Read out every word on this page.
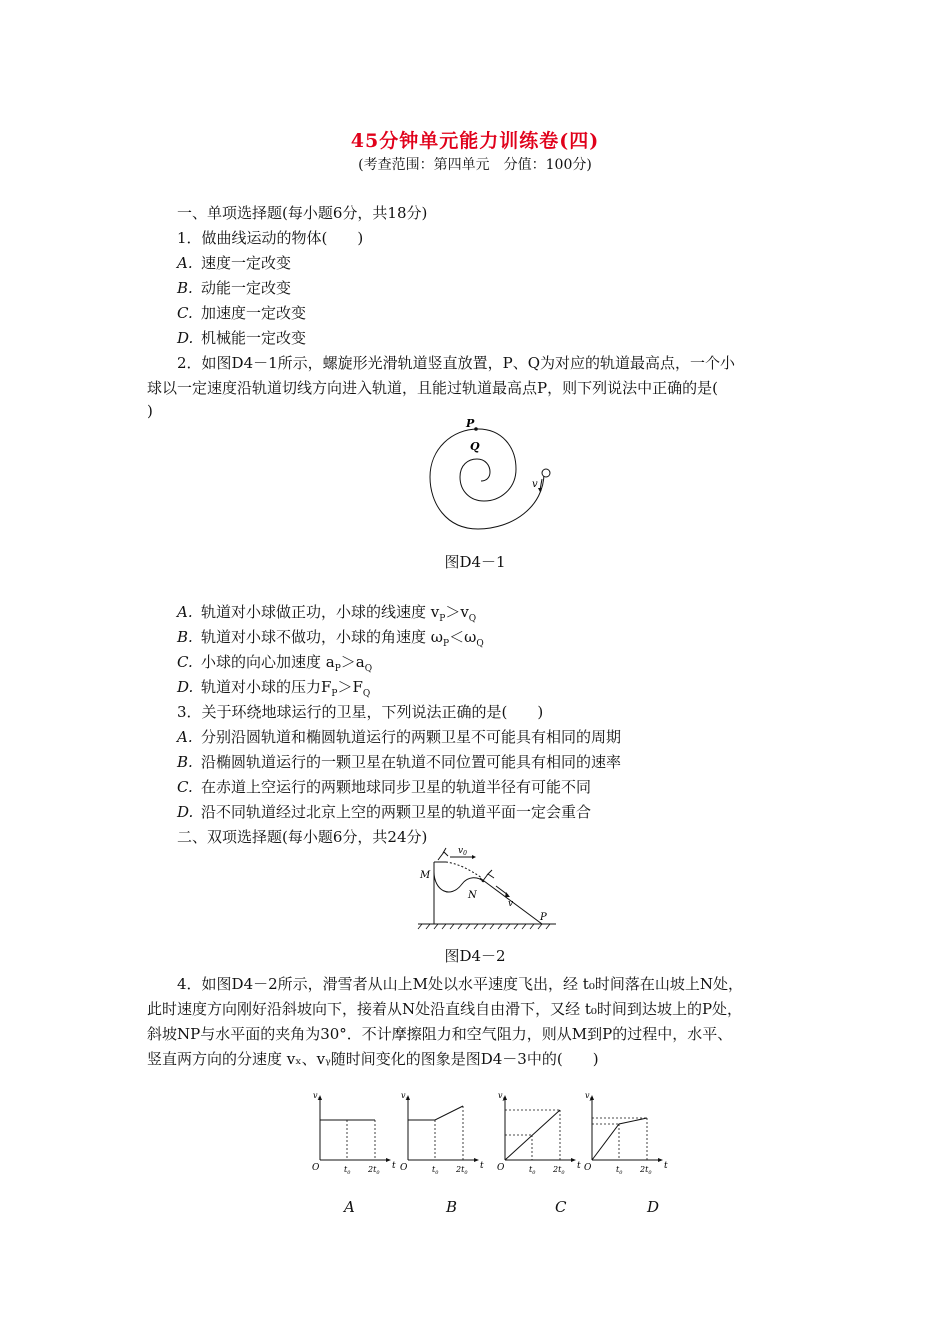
45分钟单元能力训练卷(四)
(考查范围：第四单元　分值：100分)
一、单项选择题(每小题6分，共18分)
1．做曲线运动的物体(　　)
A. 速度一定改变
B. 动能一定改变
C. 加速度一定改变
D. 机械能一定改变
2．如图D4－1所示，螺旋形光滑轨道竖直放置，P、Q为对应的轨道最高点，一个小
球以一定速度沿轨道切线方向进入轨道，且能过轨道最高点P，则下列说法中正确的是(
)
P
Q
v
图D4－1
A. 轨道对小球做正功，小球的线速度 $v_P>v_Q$
B. 轨道对小球不做功，小球的角速度 $\omega_P<\omega_Q$
C. 小球的向心加速度 $a_P>a_Q$
D. 轨道对小球的压力$F_P>F_Q$
3．关于环绕地球运行的卫星，下列说法正确的是(　　)
A. 分别沿圆轨道和椭圆轨道运行的两颗卫星不可能具有相同的周期
B. 沿椭圆轨道运行的一颗卫星在轨道不同位置可能具有相同的速率
C. 在赤道上空运行的两颗地球同步卫星的轨道半径有可能不同
D. 沿不同轨道经过北京上空的两颗卫星的轨道平面一定会重合
二、双项选择题(每小题6分，共24分)
$v_0$
M
N
v
P
图D4－2
4．如图D4－2所示，滑雪者从山上M处以水平速度飞出，经 t₀时间落在山坡上N处，
此时速度方向刚好沿斜坡向下，接着从N处沿直线自由滑下，又经 t₀时间到达坡上的P处，
斜坡NP与水平面的夹角为30°．不计摩擦阻力和空气阻力，则从M到P的过程中，水平、
竖直两方向的分速度 vₓ、vᵧ随时间变化的图象是图D4－3中的(　　)
$v_x$
O	$t_0$ $2t_0$
t
$v_x$
O	$t_0$ $2t_0$
t
$v_y$
O	$t_0$ $2t_0$
t
$v_y$
O	$t_0$ $2t_0$
t
A	B	C	D
